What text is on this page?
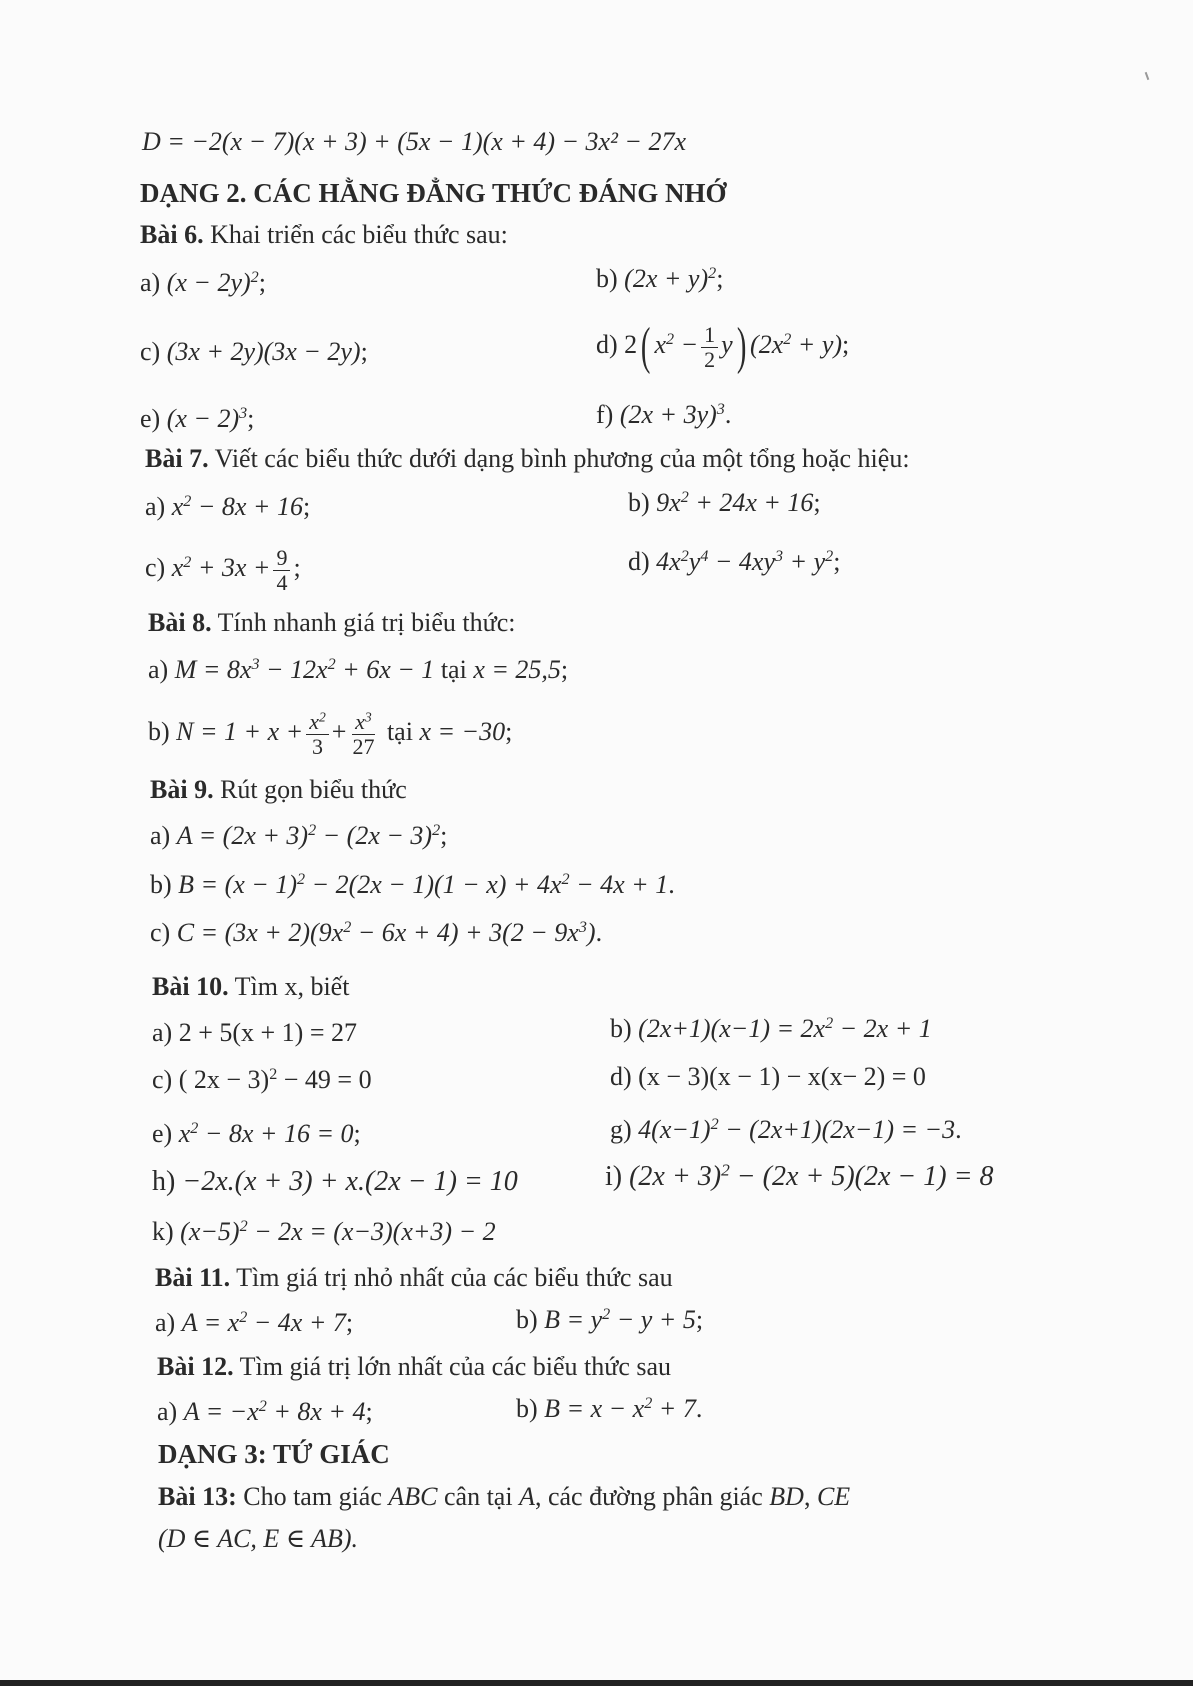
D = −2(x − 7)(x + 3) + (5x − 1)(x + 4) − 3x² − 27x
DẠNG 2. CÁC HẰNG ĐẲNG THỨC ĐÁNG NHỚ
Bài 6. Khai triển các biểu thức sau:
a) $(x - 2y)^2$;	b) $(2x + y)^2$;
c) (3x + 2y)(3x − 2y);	d) 2( $x^2 - \frac{1}{2} y$) $(2x^2 + y)$;
e) $(x - 2)^3$;	f) $(2x + 3y)^3$.
Bài 7. Viết các biểu thức dưới dạng bình phương của một tổng hoặc hiệu:
a) $x^2 - 8x + 16$;	b) $9x^2 + 24x + 16$;
c) $x^2 + 3x + \frac{9}{4}$ ;	d) $4x^2y^4 - 4xy^3 + y^2$;
Bài 8. Tính nhanh giá trị biểu thức:
a) $M = 8x^3 - 12x^2 + 6x - 1$ tại x = 25,5;
b) $N = 1 + x + \frac{x^2}{3} + \frac{x^3}{27}$ tại x = −30;
Bài 9. Rút gọn biểu thức
a) $A = (2x + 3)^2 - (2x - 3)^2$;
b) $B = (x - 1)^2 - 2(2x - 1)(1 - x) + 4x^2 - 4x + 1$.
c) $C = (3x + 2)(9x^2 - 6x + 4) + 3(2 - 9x^3)$.
Bài 10. Tìm x, biết
a) 2 + 5(x + 1) = 27	b) $(2x+1)(x-1) = 2x^2 - 2x + 1$
c) ( 2x − 3)$^2$ − 49 = 0	d) (x − 3)(x − 1) − x(x− 2) = 0
e) $x^2 - 8x + 16 = 0$;	g) $4(x-1)^2 - (2x+1)(2x-1) = -3$.
h) −2x.(x + 3) + x.(2x − 1) = 10	i) $(2x + 3)^2 - (2x + 5)(2x - 1) = 8$
k) $(x-5)^2 - 2x = (x-3)(x+3) - 2$
Bài 11. Tìm giá trị nhỏ nhất của các biểu thức sau
a) $A = x^2 - 4x + 7$;	b) $B = y^2 - y + 5$;
Bài 12. Tìm giá trị lớn nhất của các biểu thức sau
a) $A = -x^2 + 8x + 4$;	b) $B = x - x^2 + 7$.
DẠNG 3: TỨ GIÁC
Bài 13: Cho tam giác ABC cân tại A, các đường phân giác BD, CE
(D ∈ AC, E ∈ AB).
